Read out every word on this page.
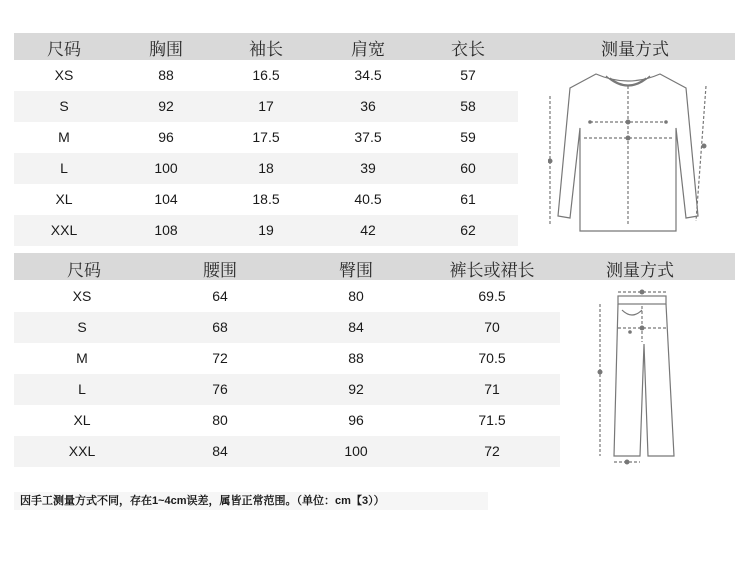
尺码	胸围	袖长	肩宽	衣长	测量方式
XS	88	16.5	34.5	57
S	92	17	36	58
M	96	17.5	37.5	59
L	100	18	39	60
XL	104	18.5	40.5	61
XXL	108	19	42	62
尺码	腰围	臀围	裤长或裙长	测量方式
XS	64	80	69.5
S	68	84	70
M	72	88	70.5
L	76	92	71
XL	80	96	71.5
XXL	84	100	72
因手工测量方式不同，存在1~4cm误差，属皆正常范围。（单位：cm【3））
